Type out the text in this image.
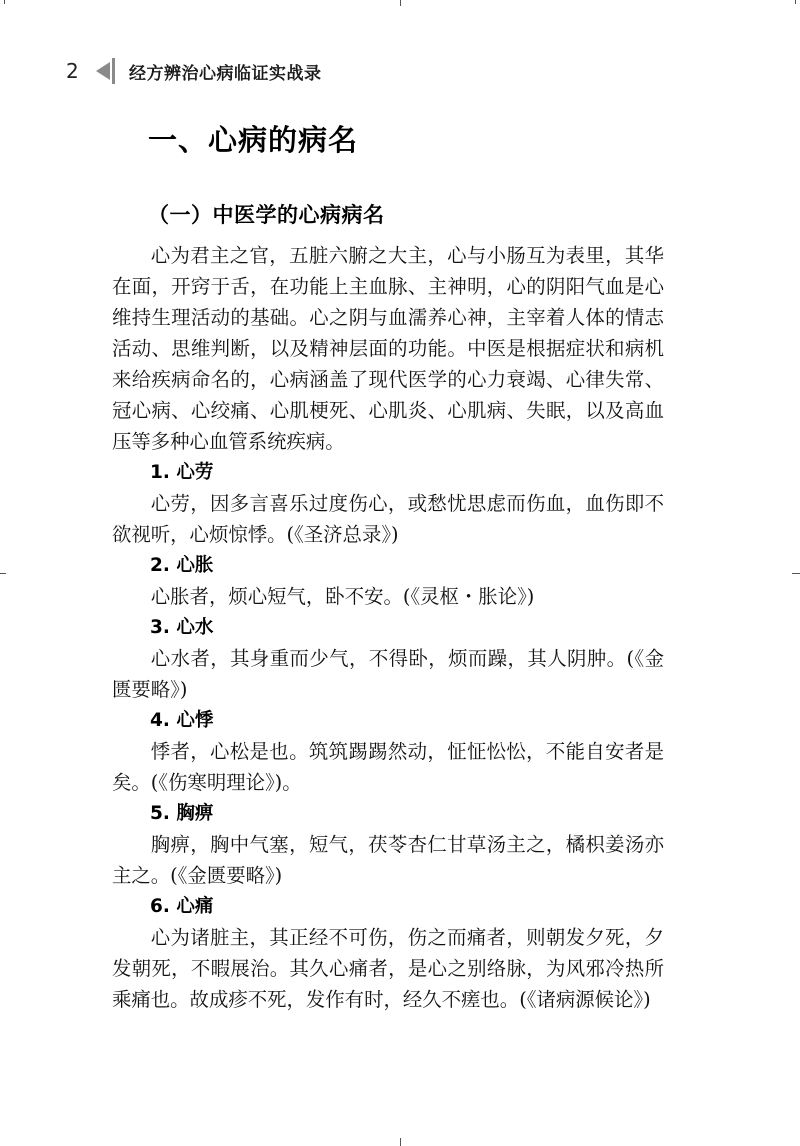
2	经方辨治心病临证实战录
一、心病的病名
（一）中医学的心病病名

心为君主之官，五脏六腑之大主，心与小肠互为表里，其华在面，开窍于舌，在功能上主血脉、主神明，心的阴阳气血是心维持生理活动的基础。心之阴与血濡养心神，主宰着人体的情志活动、思维判断，以及精神层面的功能。中医是根据症状和病机来给疾病命名的，心病涵盖了现代医学的心力衰竭、心律失常、冠心病、心绞痛、心肌梗死、心肌炎、心肌病、失眠，以及高血压等多种心血管系统疾病。

1. 心劳

心劳，因多言喜乐过度伤心，或愁忧思虑而伤血，血伤即不欲视听，心烦惊悸。(《圣济总录》)

2. 心胀

心胀者，烦心短气，卧不安。(《灵枢・胀论》)

3. 心水

心水者，其身重而少气，不得卧，烦而躁，其人阴肿。(《金匮要略》)

4. 心悸

悸者，心松是也。筑筑踢踢然动，怔怔忪忪，不能自安者是矣。(《伤寒明理论》)。

5. 胸痹

胸痹，胸中气塞，短气，茯苓杏仁甘草汤主之，橘枳姜汤亦主之。(《金匮要略》)

6. 心痛

心为诸脏主，其正经不可伤，伤之而痛者，则朝发夕死，夕发朝死，不暇展治。其久心痛者，是心之别络脉，为风邪冷热所乘痛也。故成疹不死，发作有时，经久不瘥也。(《诸病源候论》)
